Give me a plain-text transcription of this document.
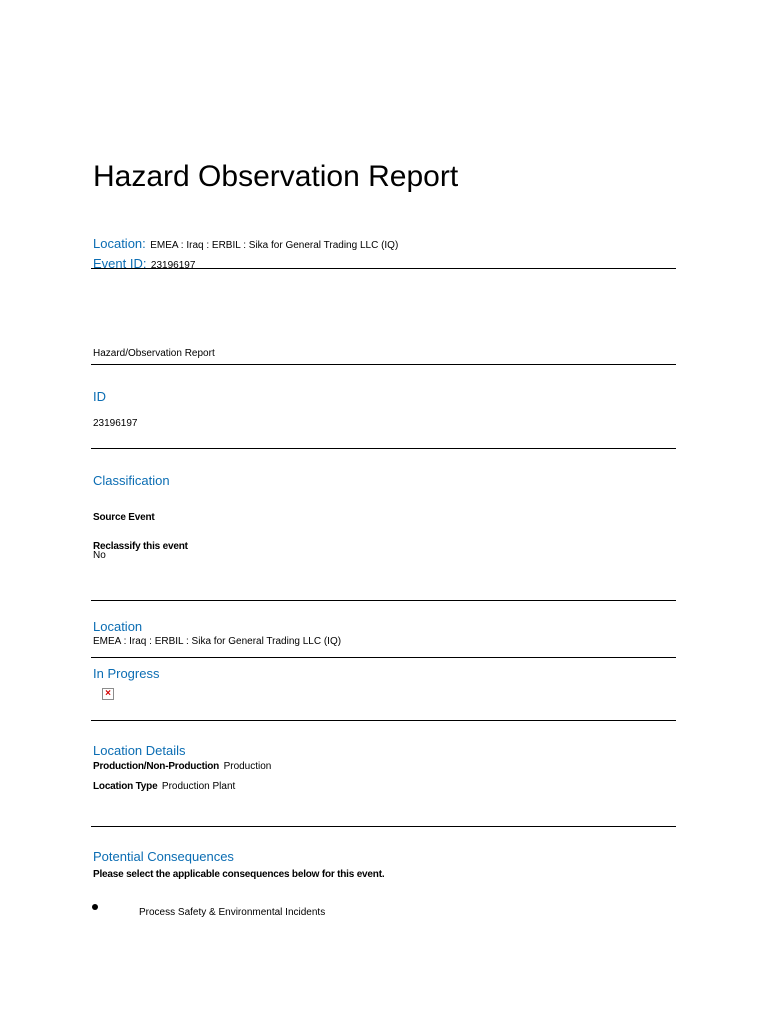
Hazard Observation Report
Location: EMEA : Iraq : ERBIL : Sika for General Trading LLC (IQ)
Event ID: 23196197
Hazard/Observation Report
ID
23196197
Classification
Source Event
Reclassify this event
No
Location
EMEA : Iraq : ERBIL : Sika for General Trading LLC (IQ)
In Progress
×
Location Details
Production/Non-Production Production
Location Type Production Plant
Potential Consequences
Please select the applicable consequences below for this event.
Process Safety & Environmental Incidents
